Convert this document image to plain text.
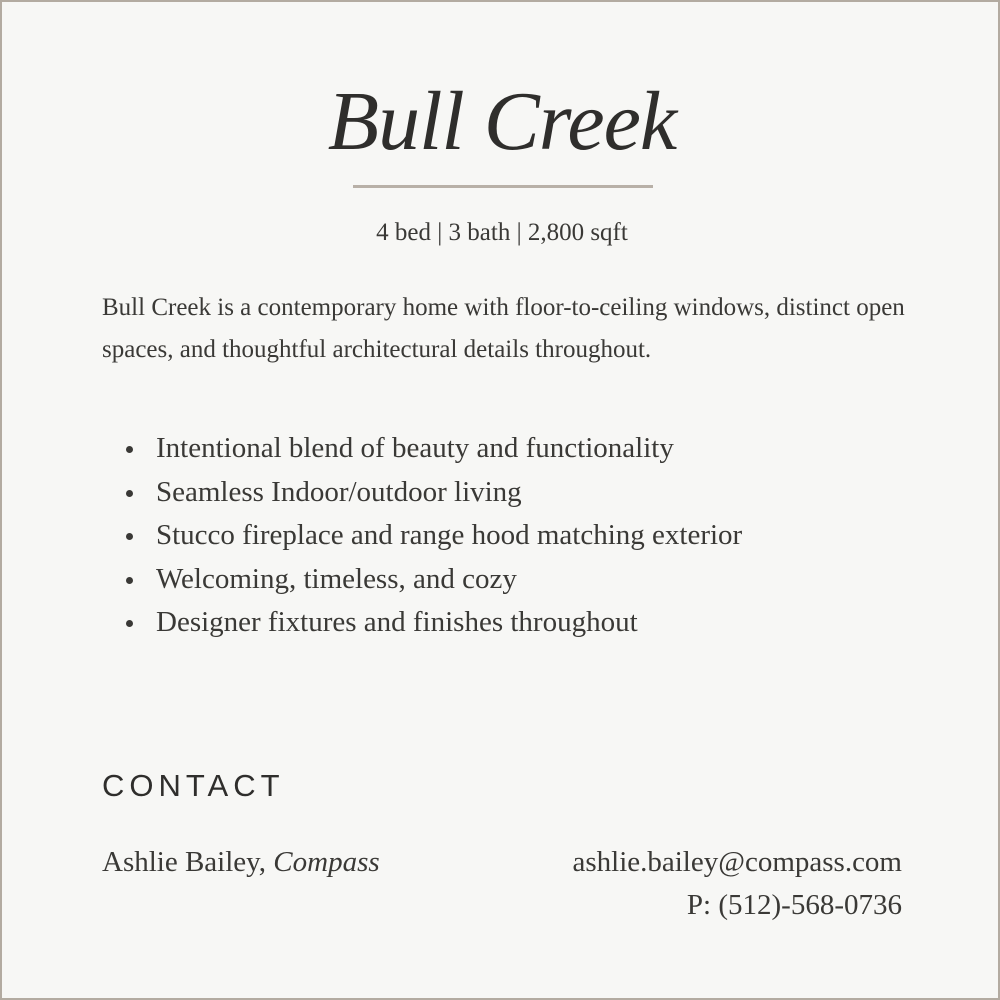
Bull Creek
4 bed | 3 bath | 2,800 sqft
Bull Creek is a contemporary home with floor-to-ceiling windows, distinct open spaces, and thoughtful architectural details throughout.
Intentional blend of beauty and functionality
Seamless Indoor/outdoor living
Stucco fireplace and range hood matching exterior
Welcoming, timeless, and cozy
Designer fixtures and finishes throughout
CONTACT
Ashlie Bailey, Compass	ashlie.bailey@compass.com
P: (512)-568-0736
